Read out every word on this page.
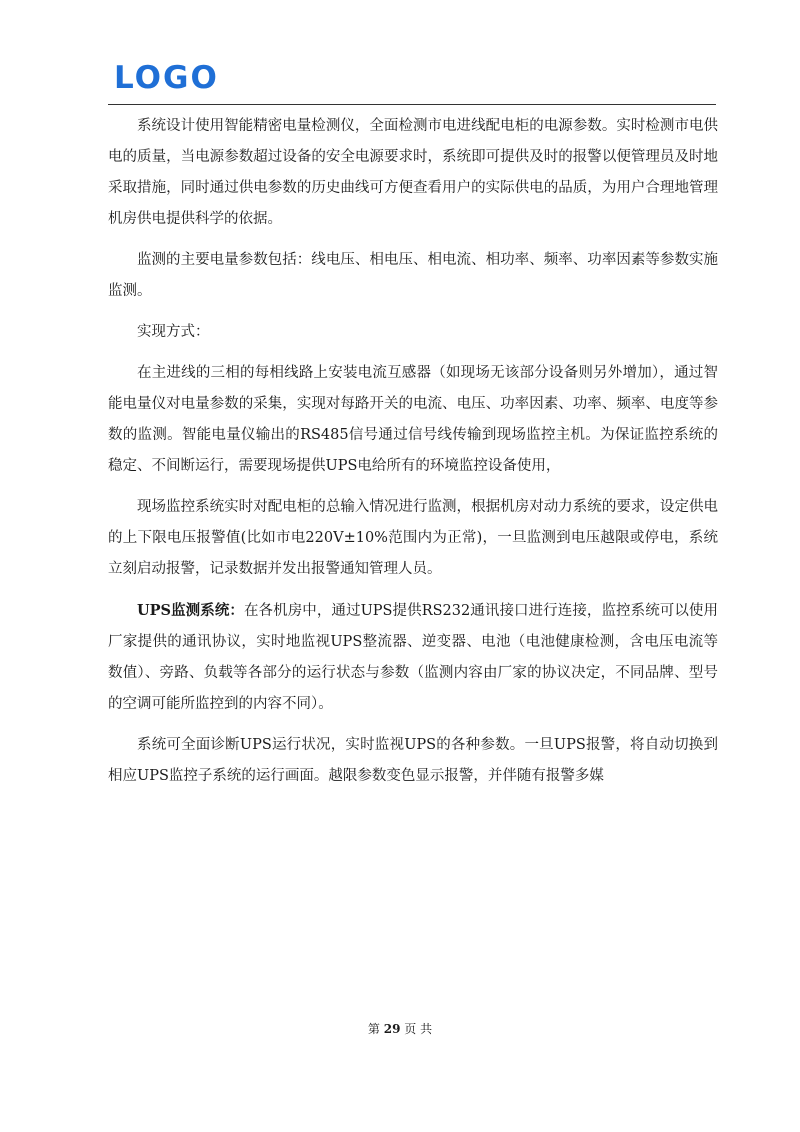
LOGO

系统设计使用智能精密电量检测仪，全面检测市电进线配电柜的电源参数。实时检测市电供电的质量，当电源参数超过设备的安全电源要求时，系统即可提供及时的报警以便管理员及时地采取措施，同时通过供电参数的历史曲线可方便查看用户的实际供电的品质，为用户合理地管理机房供电提供科学的依据。

监测的主要电量参数包括：线电压、相电压、相电流、相功率、频率、功率因素等参数实施监测。

实现方式：

在主进线的三相的每相线路上安装电流互感器（如现场无该部分设备则另外增加），通过智能电量仪对电量参数的采集，实现对每路开关的电流、电压、功率因素、功率、频率、电度等参数的监测。智能电量仪输出的RS485信号通过信号线传输到现场监控主机。为保证监控系统的稳定、不间断运行，需要现场提供UPS电给所有的环境监控设备使用，

现场监控系统实时对配电柜的总输入情况进行监测，根据机房对动力系统的要求，设定供电的上下限电压报警值(比如市电220V±10%范围内为正常)，一旦监测到电压越限或停电，系统立刻启动报警，记录数据并发出报警通知管理人员。

UPS监测系统：在各机房中，通过UPS提供RS232通讯接口进行连接，监控系统可以使用厂家提供的通讯协议，实时地监视UPS整流器、逆变器、电池（电池健康检测，含电压电流等数值）、旁路、负载等各部分的运行状态与参数（监测内容由厂家的协议决定，不同品牌、型号的空调可能所监控到的内容不同）。

系统可全面诊断UPS运行状况，实时监视UPS的各种参数。一旦UPS报警，将自动切换到相应UPS监控子系统的运行画面。越限参数变色显示报警，并伴随有报警多媒

第 29 页 共
